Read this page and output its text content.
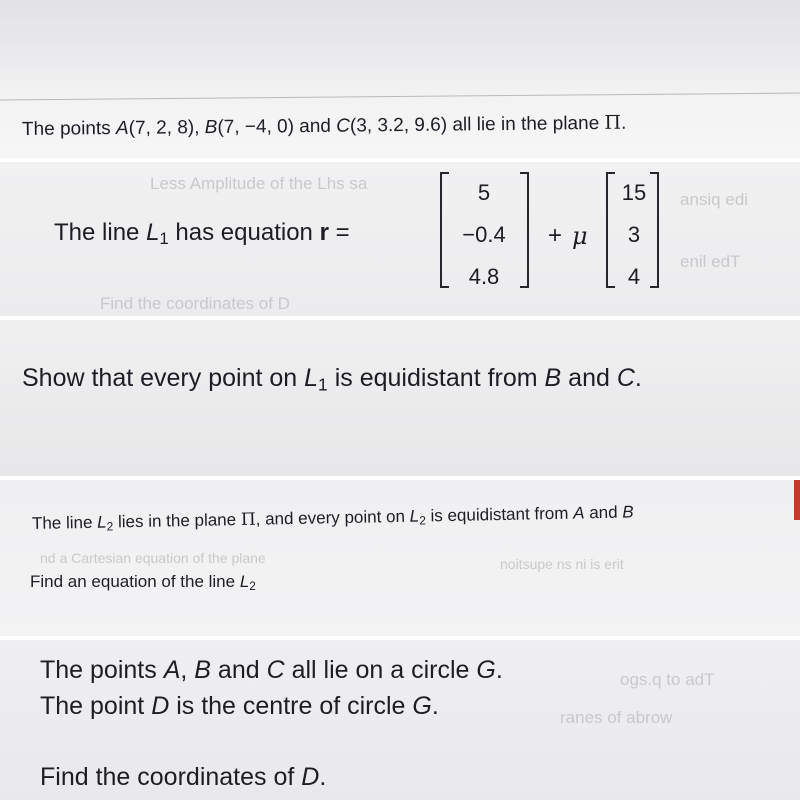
The points A(7, 2, 8), B(7, −4, 0) and C(3, 3.2, 9.6) all lie in the plane Π.
Less Amplitude of the Lhs sa
ansiq edi
enil edT
Find the coordinates of D
The line $L_1$ has equation r =
5
−0.4
4.8
+ μ
15
3
4
Show that every point on $L_1$ is equidistant from B and C.
nd a Cartesian equation of the plane	noitsupe ns ni is erit
The line $L_2$ lies in the plane Π, and every point on $L_2$ is equidistant from A and B
Find an equation of the line $L_2$
ogs.q to adT
ranes of abrow
The points A, B and C all lie on a circle G.
The point D is the centre of circle G.
Find the coordinates of D.
